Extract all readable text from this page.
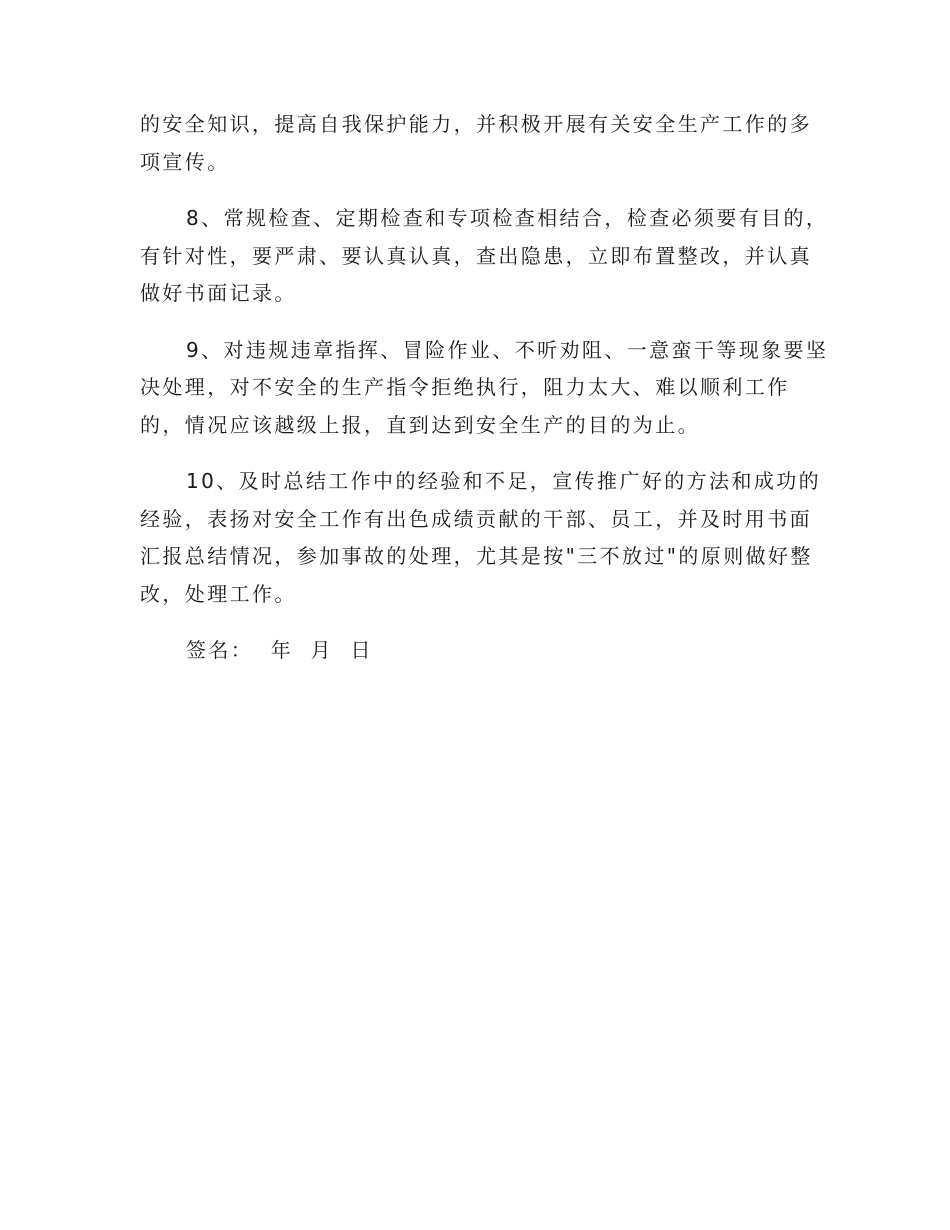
的安全知识，提高自我保护能力，并积极开展有关安全生产工作的多
项宣传。

8、常规检查、定期检查和专项检查相结合，检查必须要有目的，
有针对性，要严肃、要认真认真，查出隐患，立即布置整改，并认真
做好书面记录。

9、对违规违章指挥、冒险作业、不听劝阻、一意蛮干等现象要坚
决处理，对不安全的生产指令拒绝执行，阻力太大、难以顺利工作
的，情况应该越级上报，直到达到安全生产的目的为止。

10、及时总结工作中的经验和不足，宣传推广好的方法和成功的
经验，表扬对安全工作有出色成绩贡献的干部、员工，并及时用书面
汇报总结情况，参加事故的处理，尤其是按"三不放过"的原则做好整
改，处理工作。

签名：  年  月  日
